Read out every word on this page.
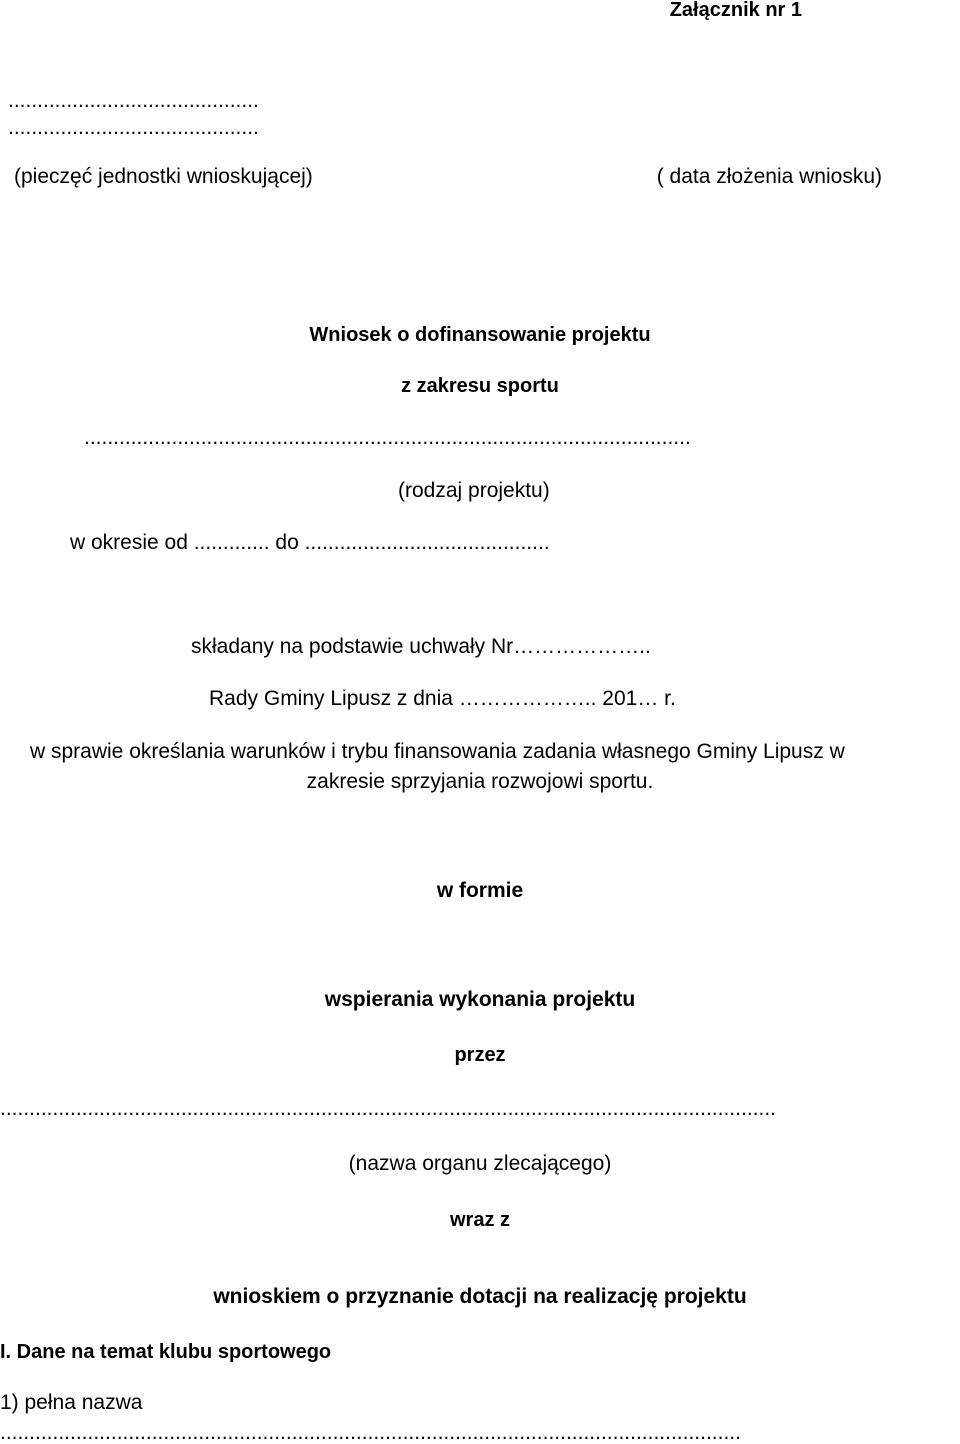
Załącznik nr 1
...........................................
...........................................
(pieczęć jednostki wnioskującej)	( data złożenia wniosku)
Wniosek o dofinansowanie projektu
z zakresu sportu
........................................................................................................
(rodzaj projektu)
w okresie od ............. do ..........................................
składany na podstawie uchwały Nr………………..
Rady Gminy Lipusz z dnia ……………….. 201… r.
w sprawie określania warunków i trybu finansowania zadania własnego Gminy Lipusz w
zakresie sprzyjania rozwojowi sportu.
w formie
wspierania wykonania projektu
przez
.....................................................................................................................................
(nazwa organu zlecającego)
wraz z
wnioskiem o przyznanie dotacji na realizację projektu
I. Dane na temat klubu sportowego
1) pełna nazwa
...............................................................................................................................
